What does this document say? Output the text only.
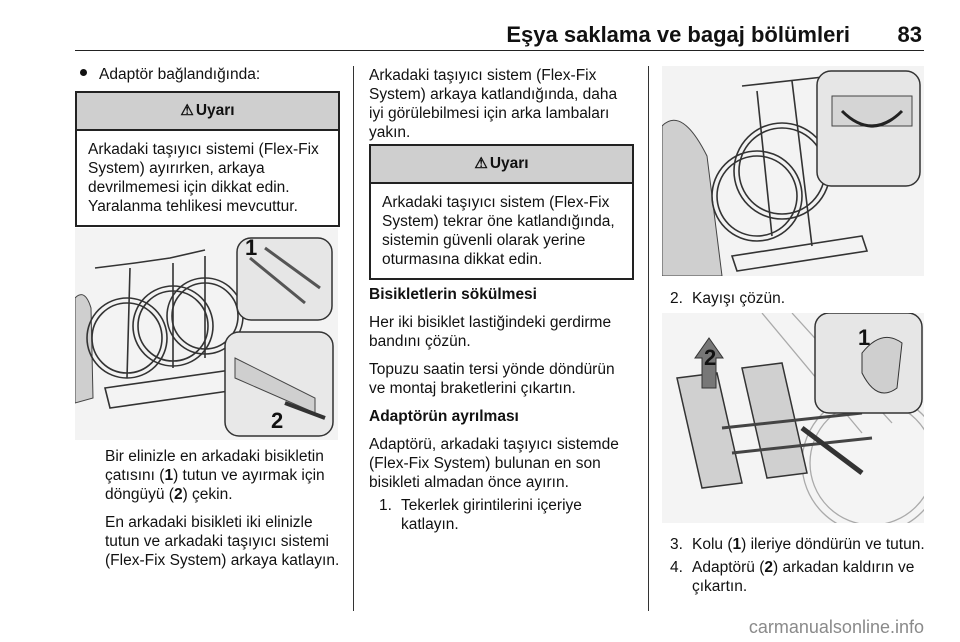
Eşya saklama ve bagaj bölümleri 83
Adaptör bağlandığında:
⚠ Uyarı
Arkadaki taşıyıcı sistemi (Flex-Fix System) ayırırken, arkaya devrilmemesi için dikkat edin. Yaralanma tehlikesi mevcuttur.
1
2

Bir elinizle en arkadaki bisikletin çatısını (1) tutun ve ayırmak için döngüyü (2) çekin.

En arkadaki bisikleti iki elinizle tutun ve arkadaki taşıyıcı sistemi (Flex-Fix System) arkaya katlayın.

Arkadaki taşıyıcı sistem (Flex-Fix System) arkaya katlandığında, daha iyi görülebilmesi için arka lambaları yakın.

⚠ Uyarı
Arkadaki taşıyıcı sistem (Flex-Fix System) tekrar öne katlandığında, sistemin güvenli olarak yerine oturmasına dikkat edin.

Bisikletlerin sökülmesi

Her iki bisiklet lastiğindeki gerdirme bandını çözün.

Topuzu saatin tersi yönde döndürün ve montaj braketlerini çıkartın.

Adaptörün ayrılması

Adaptörü, arkadaki taşıyıcı sistemde (Flex-Fix System) bulunan en son bisikleti almadan önce ayırın.

1. Tekerlek girintilerini içeriye katlayın.
2. Kayışı çözün.
1
2
3. Kolu (1) ileriye döndürün ve tutun.
4. Adaptörü (2) arkadan kaldırın ve çıkartın.
carmanualsonline.info
